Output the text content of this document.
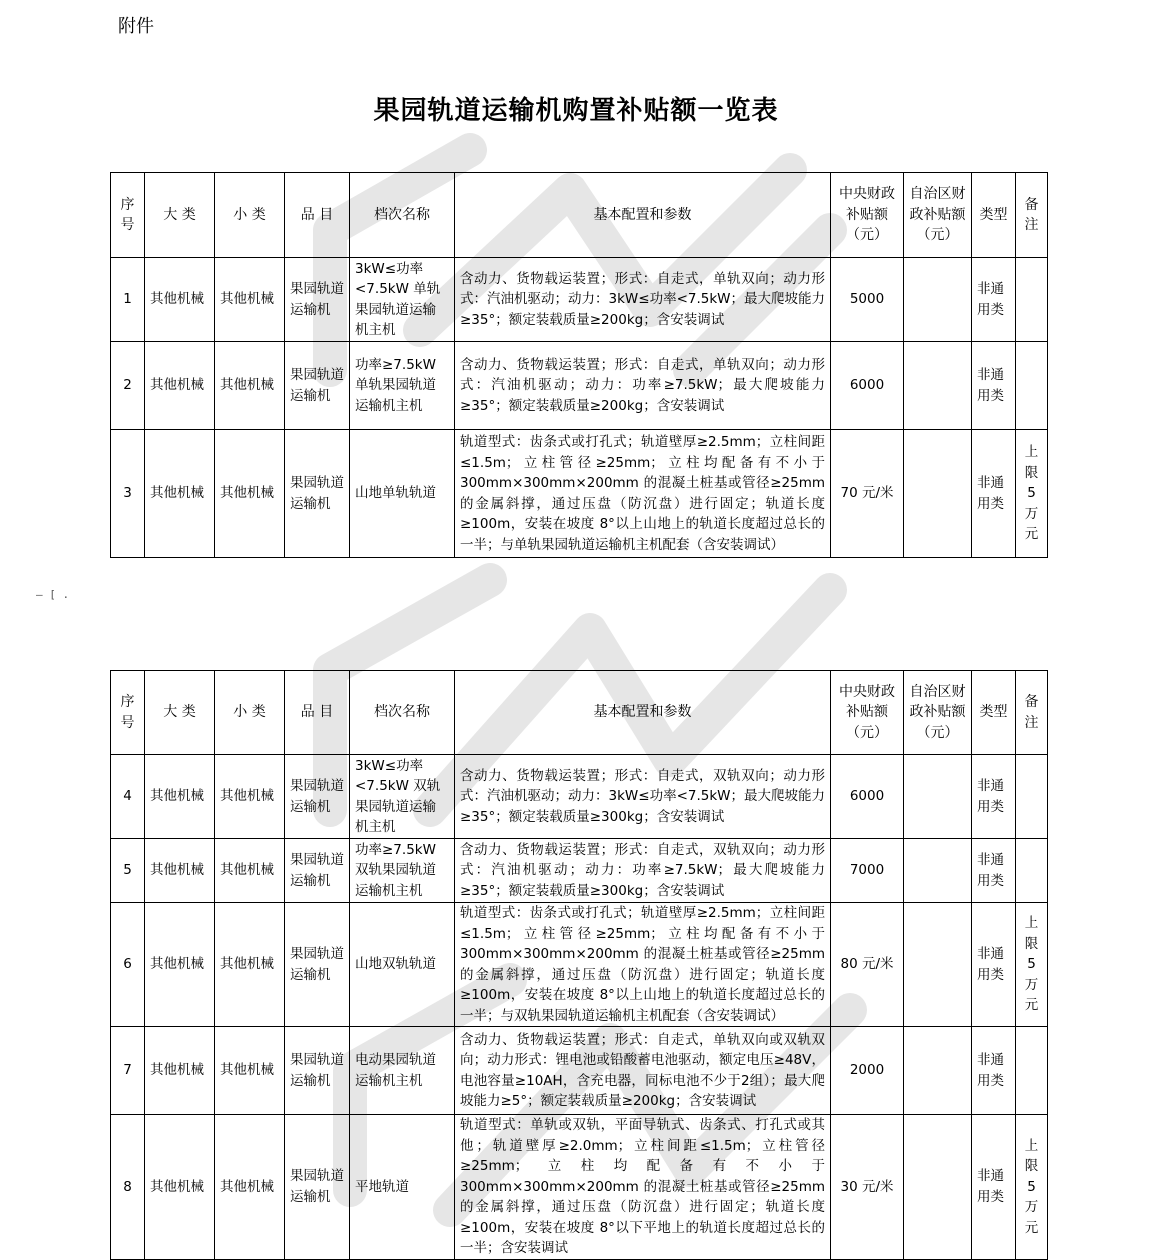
附件
果园轨道运输机购置补贴额一览表
— [ .
序号	大 类	小 类	品 目	档次名称	基本配置和参数	中央财政补贴额（元）	自治区财政补贴额（元）	类型	备注
1	其他机械	其他机械	果园轨道运输机	3kW≤功率<7.5kW 单轨果园轨道运输机主机	含动力、货物载运装置；形式：自走式，单轨双向；动力形式：汽油机驱动；动力：3kW≤功率<7.5kW；最大爬坡能力≥35°；额定装载质量≥200kg；含安装调试	5000		非通用类	
2	其他机械	其他机械	果园轨道运输机	功率≥7.5kW 单轨果园轨道运输机主机	含动力、货物载运装置；形式：自走式，单轨双向；动力形式：汽油机驱动；动力：功率≥7.5kW；最大爬坡能力≥35°；额定装载质量≥200kg；含安装调试	6000		非通用类	
3	其他机械	其他机械	果园轨道运输机	山地单轨轨道	轨道型式：齿条式或打孔式；轨道壁厚≥2.5mm；立柱间距≤1.5m；立柱管径≥25mm；立柱均配备有不小于 300mm×300mm×200mm 的混凝土桩基或管径≥25mm 的金属斜撑，通过压盘（防沉盘）进行固定；轨道长度≥100m，安装在坡度 8°以上山地上的轨道长度超过总长的一半；与单轨果园轨道运输机主机配套（含安装调试）	70 元/米		非通用类	上限5万元
序号	大 类	小 类	品 目	档次名称	基本配置和参数	中央财政补贴额（元）	自治区财政补贴额（元）	类型	备注
4	其他机械	其他机械	果园轨道运输机	3kW≤功率<7.5kW 双轨果园轨道运输机主机	含动力、货物载运装置；形式：自走式，双轨双向；动力形式：汽油机驱动；动力：3kW≤功率<7.5kW；最大爬坡能力≥35°；额定装载质量≥300kg；含安装调试	6000		非通用类	
5	其他机械	其他机械	果园轨道运输机	功率≥7.5kW 双轨果园轨道运输机主机	含动力、货物载运装置；形式：自走式，双轨双向；动力形式：汽油机驱动；动力：功率≥7.5kW；最大爬坡能力≥35°；额定装载质量≥300kg；含安装调试	7000		非通用类	
6	其他机械	其他机械	果园轨道运输机	山地双轨轨道	轨道型式：齿条式或打孔式；轨道壁厚≥2.5mm；立柱间距≤1.5m；立柱管径≥25mm；立柱均配备有不小于 300mm×300mm×200mm 的混凝土桩基或管径≥25mm 的金属斜撑，通过压盘（防沉盘）进行固定；轨道长度≥100m，安装在坡度 8°以上山地上的轨道长度超过总长的一半；与双轨果园轨道运输机主机配套（含安装调试）	80 元/米		非通用类	上限5万元
7	其他机械	其他机械	果园轨道运输机	电动果园轨道运输机主机	含动力、货物载运装置；形式：自走式，单轨双向或双轨双向；动力形式：锂电池或铅酸蓄电池驱动，额定电压≥48V，电池容量≥10AH，含充电器，同标电池不少于2组）；最大爬坡能力≥5°；额定装载质量≥200kg；含安装调试	2000		非通用类	
8	其他机械	其他机械	果园轨道运输机	平地轨道	轨道型式：单轨或双轨，平面导轨式、齿条式、打孔式或其他；轨道壁厚≥2.0mm；立柱间距≤1.5m；立柱管径≥25mm；立柱均配备有不小于 300mm×300mm×200mm 的混凝土桩基或管径≥25mm 的金属斜撑，通过压盘（防沉盘）进行固定；轨道长度≥100m，安装在坡度 8°以下平地上的轨道长度超过总长的一半；含安装调试	30 元/米		非通用类	上限5万元
